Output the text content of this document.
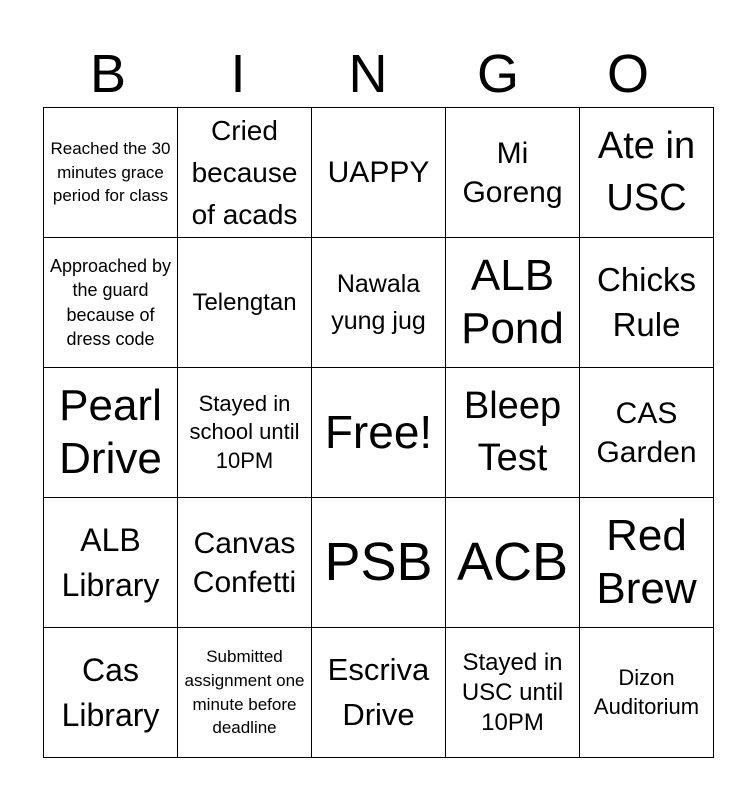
B	I	N	G	O
Reached the 30 minutes grace period for class	Cried because of acads	UAPPY	Mi Goreng	Ate in USC
Approached by the guard because of dress code	Telengtan	Nawala yung jug	ALB Pond	Chicks Rule
Pearl Drive	Stayed in school until 10PM	Free!	Bleep Test	CAS Garden
ALB Library	Canvas Confetti	PSB	ACB	Red Brew
Cas Library	Submitted assignment one minute before deadline	Escriva Drive	Stayed in USC until 10PM	Dizon Auditorium
